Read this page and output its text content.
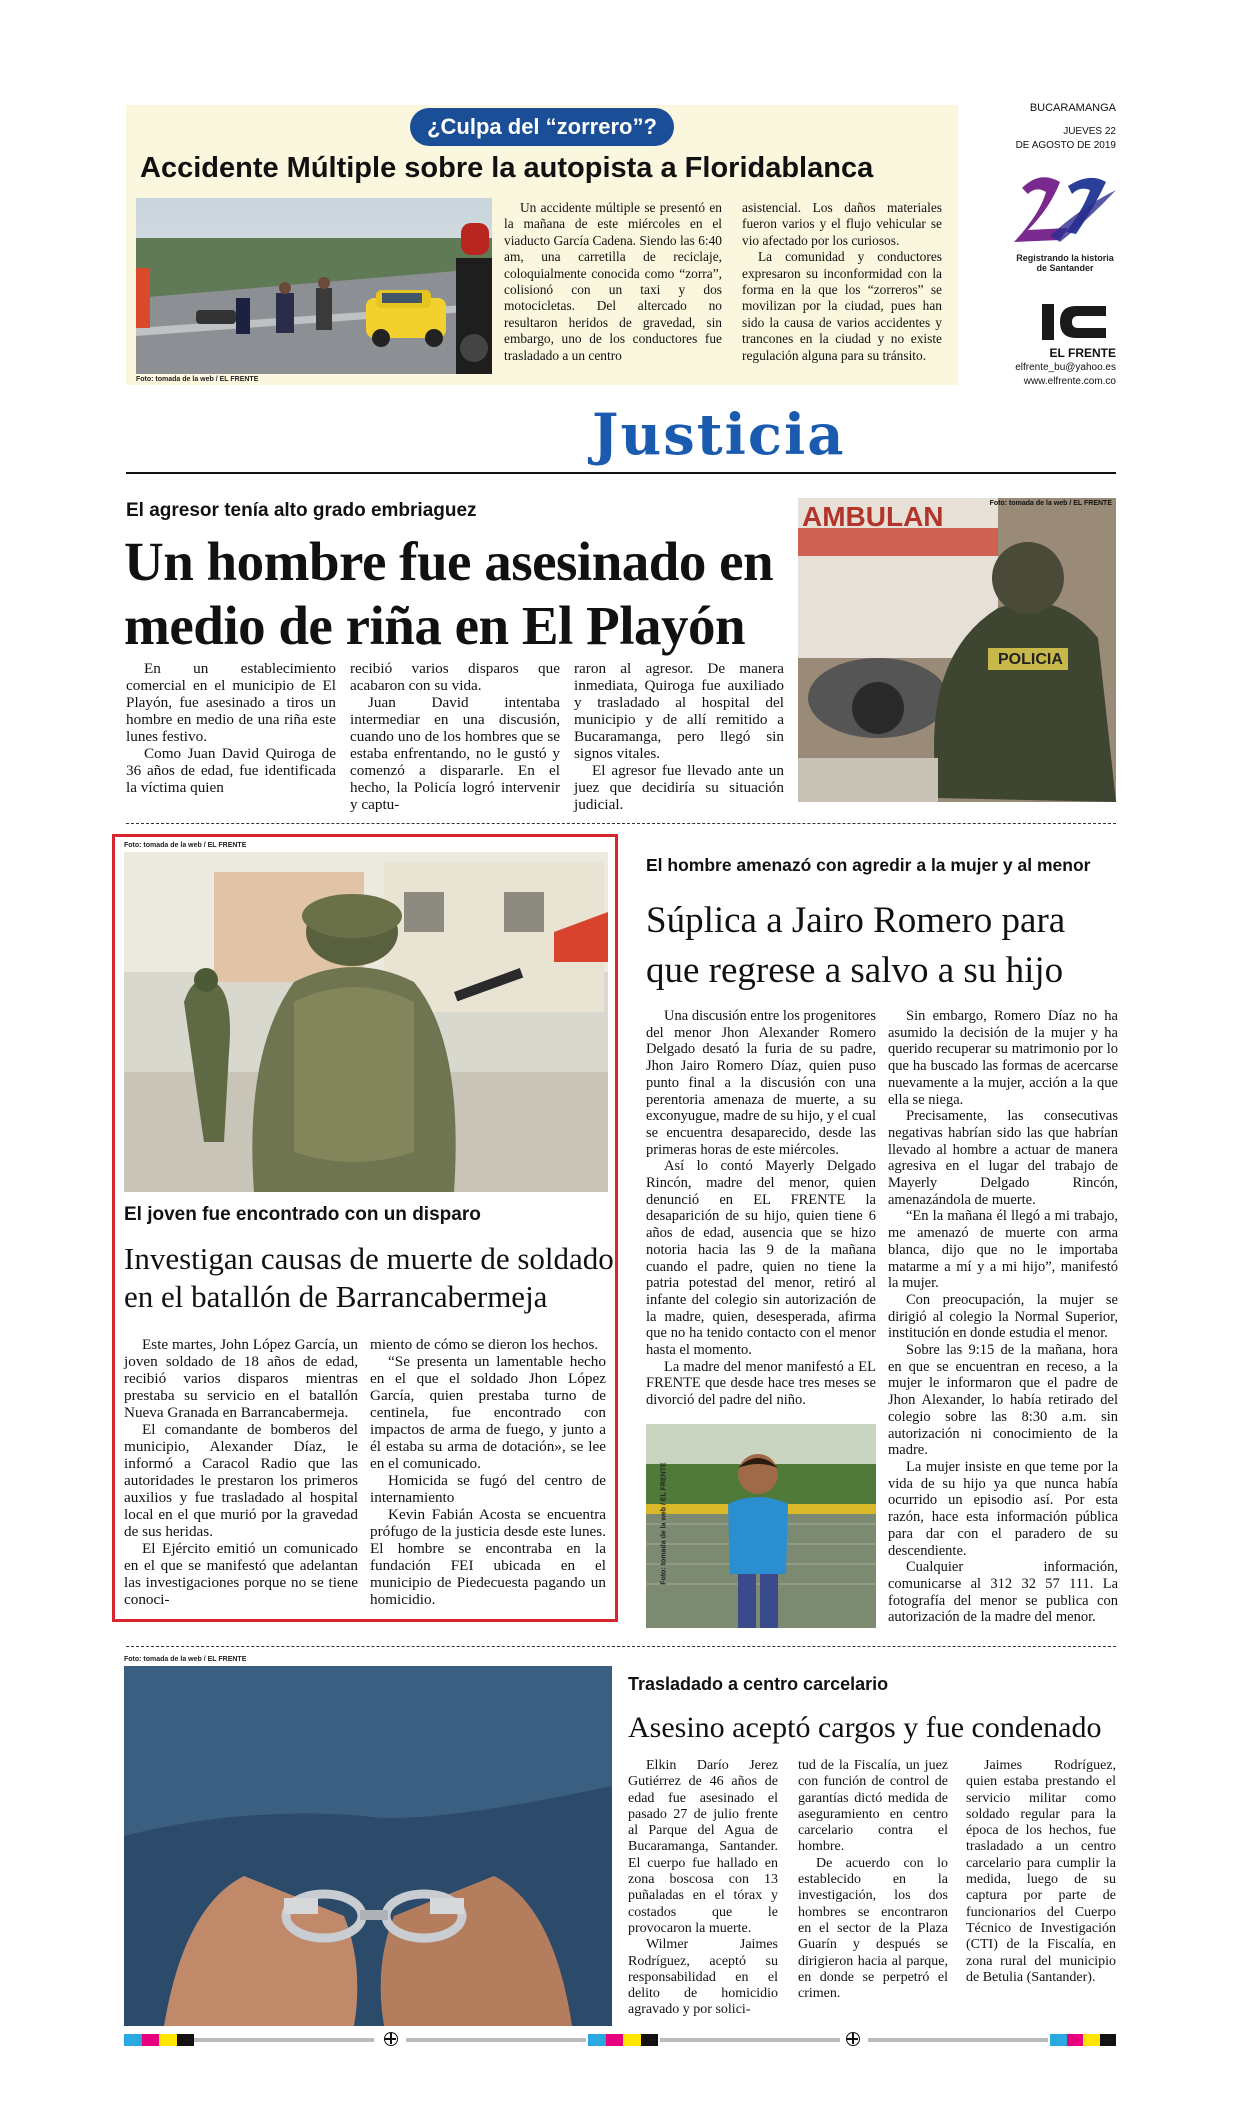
¿Culpa del “zorrero”?
Accidente Múltiple sobre la autopista a Floridablanca
Foto: tomada de la web / EL FRENTE

Un accidente múltiple se presentó en la mañana de este miércoles en el viaducto García Cadena. Siendo las 6:40 am, una carretilla de reciclaje, coloquialmente conocida como “zorra”, colisionó con un taxi y dos motocicletas. Del altercado no resultaron heridos de gravedad, sin embargo, uno de los conductores fue trasladado a un centro

asistencial. Los daños materiales fueron varios y el flujo vehicular se vio afectado por los curiosos.

La comunidad y conductores expresaron su inconformidad con la forma en la que los “zorreros” se movilizan por la ciudad, pues han sido la causa de varios accidentes y trancones en la ciudad y no existe regulación alguna para su tránsito.

BUCARAMANGA
JUEVES 22
DE AGOSTO DE 2019
Registrando la historia de Santander
EL FRENTE
elfrente_bu@yahoo.es
www.elfrente.com.co
Justicia
El agresor tenía alto grado embriaguez
Un hombre fue asesinado en medio de riña en El Playón

En un establecimiento comercial en el municipio de El Playón, fue asesinado a tiros un hombre en medio de una riña este lunes festivo.

Como Juan David Quiroga de 36 años de edad, fue identificada la víctima quien

recibió varios disparos que acabaron con su vida.

Juan David intentaba intermediar en una discusión, cuando uno de los hombres que se estaba enfrentando, no le gustó y comenzó a dispararle. En el hecho, la Policía logró intervenir y captu-

raron al agresor. De manera inmediata, Quiroga fue auxiliado y trasladado al hospital del municipio y de allí remitido a Bucaramanga, pero llegó sin signos vitales.

El agresor fue llevado ante un juez que decidiría su situación judicial.

AMBULAN
POLICIA
Foto: tomada de la web / EL FRENTE
Foto: tomada de la web / EL FRENTE
El joven fue encontrado con un disparo
Investigan causas de muerte de soldado en el batallón de Barrancabermeja

Este martes, John López García, un joven soldado de 18 años de edad, recibió varios disparos mientras prestaba su servicio en el batallón Nueva Granada en Barrancabermeja.

El comandante de bomberos del municipio, Alexander Díaz, le informó a Caracol Radio que las autoridades le prestaron los primeros auxilios y fue trasladado al hospital local en el que murió por la gravedad de sus heridas.

El Ejército emitió un comunicado en el que se manifestó que adelantan las investigaciones porque no se tiene conoci-

miento de cómo se dieron los hechos.

“Se presenta un lamentable hecho en el que el soldado Jhon López García, quien prestaba turno de centinela, fue encontrado con impactos de arma de fuego, y junto a él estaba su arma de dotación», se lee en el comunicado.

Homicida se fugó del centro de internamiento

Kevin Fabián Acosta se encuentra prófugo de la justicia desde este lunes. El hombre se encontraba en la fundación FEI ubicada en el municipio de Piedecuesta pagando un homicidio.

El hombre amenazó con agredir a la mujer y al menor
Súplica a Jairo Romero para que regrese a salvo a su hijo

Una discusión entre los progenitores del menor Jhon Alexander Romero Delgado desató la furia de su padre, Jhon Jairo Romero Díaz, quien puso punto final a la discusión con una perentoria amenaza de muerte, a su exconyugue, madre de su hijo, y el cual se encuentra desaparecido, desde las primeras horas de este miércoles.

Así lo contó Mayerly Delgado Rincón, madre del menor, quien denunció en EL FRENTE la desaparición de su hijo, quien tiene 6 años de edad, ausencia que se hizo notoria hacia las 9 de la mañana cuando el padre, quien no tiene la patria potestad del menor, retiró al infante del colegio sin autorización de la madre, quien, desesperada, afirma que no ha tenido contacto con el menor hasta el momento.

La madre del menor manifestó a EL FRENTE que desde hace tres meses se divorció del padre del niño.

Foto: tomada de la web / EL FRENTE

Sin embargo, Romero Díaz no ha asumido la decisión de la mujer y ha querido recuperar su matrimonio por lo que ha buscado las formas de acercarse nuevamente a la mujer, acción a la que ella se niega.

Precisamente, las consecutivas negativas habrían sido las que habrían llevado al hombre a actuar de manera agresiva en el lugar del trabajo de Mayerly Delgado Rincón, amenazándola de muerte.

“En la mañana él llegó a mi trabajo, me amenazó de muerte con arma blanca, dijo que no le importaba matarme a mí y a mi hijo”, manifestó la mujer.

Con preocupación, la mujer se dirigió al colegio la Normal Superior, institución en donde estudia el menor.

Sobre las 9:15 de la mañana, hora en que se encuentran en receso, a la mujer le informaron que el padre de Jhon Alexander, lo había retirado del colegio sobre las 8:30 a.m. sin autorización ni conocimiento de la madre.

La mujer insiste en que teme por la vida de su hijo ya que nunca había ocurrido un episodio así. Por esta razón, hace esta información pública para dar con el paradero de su descendiente.

Cualquier información, comunicarse al 312 32 57 111. La fotografía del menor se publica con autorización de la madre del menor.

Foto: tomada de la web / EL FRENTE
Trasladado a centro carcelario
Asesino aceptó cargos y fue condenado

Elkin Darío Jerez Gutiérrez de 46 años de edad fue asesinado el pasado 27 de julio frente al Parque del Agua de Bucaramanga, Santander. El cuerpo fue hallado en zona boscosa con 13 puñaladas en el tórax y costados que le provocaron la muerte.

Wilmer Jaimes Rodríguez, aceptó su responsabilidad en el delito de homicidio agravado y por solici-

tud de la Fiscalía, un juez con función de control de garantías dictó medida de aseguramiento en centro carcelario contra el hombre.

De acuerdo con lo establecido en la investigación, los dos hombres se encontraron en el sector de la Plaza Guarín y después se dirigieron hacia al parque, en donde se perpetró el crimen.

Jaimes Rodríguez, quien estaba prestando el servicio militar como soldado regular para la época de los hechos, fue trasladado a un centro carcelario para cumplir la medida, luego de su captura por parte de funcionarios del Cuerpo Técnico de Investigación (CTI) de la Fiscalía, en zona rural del municipio de Betulia (Santander).
